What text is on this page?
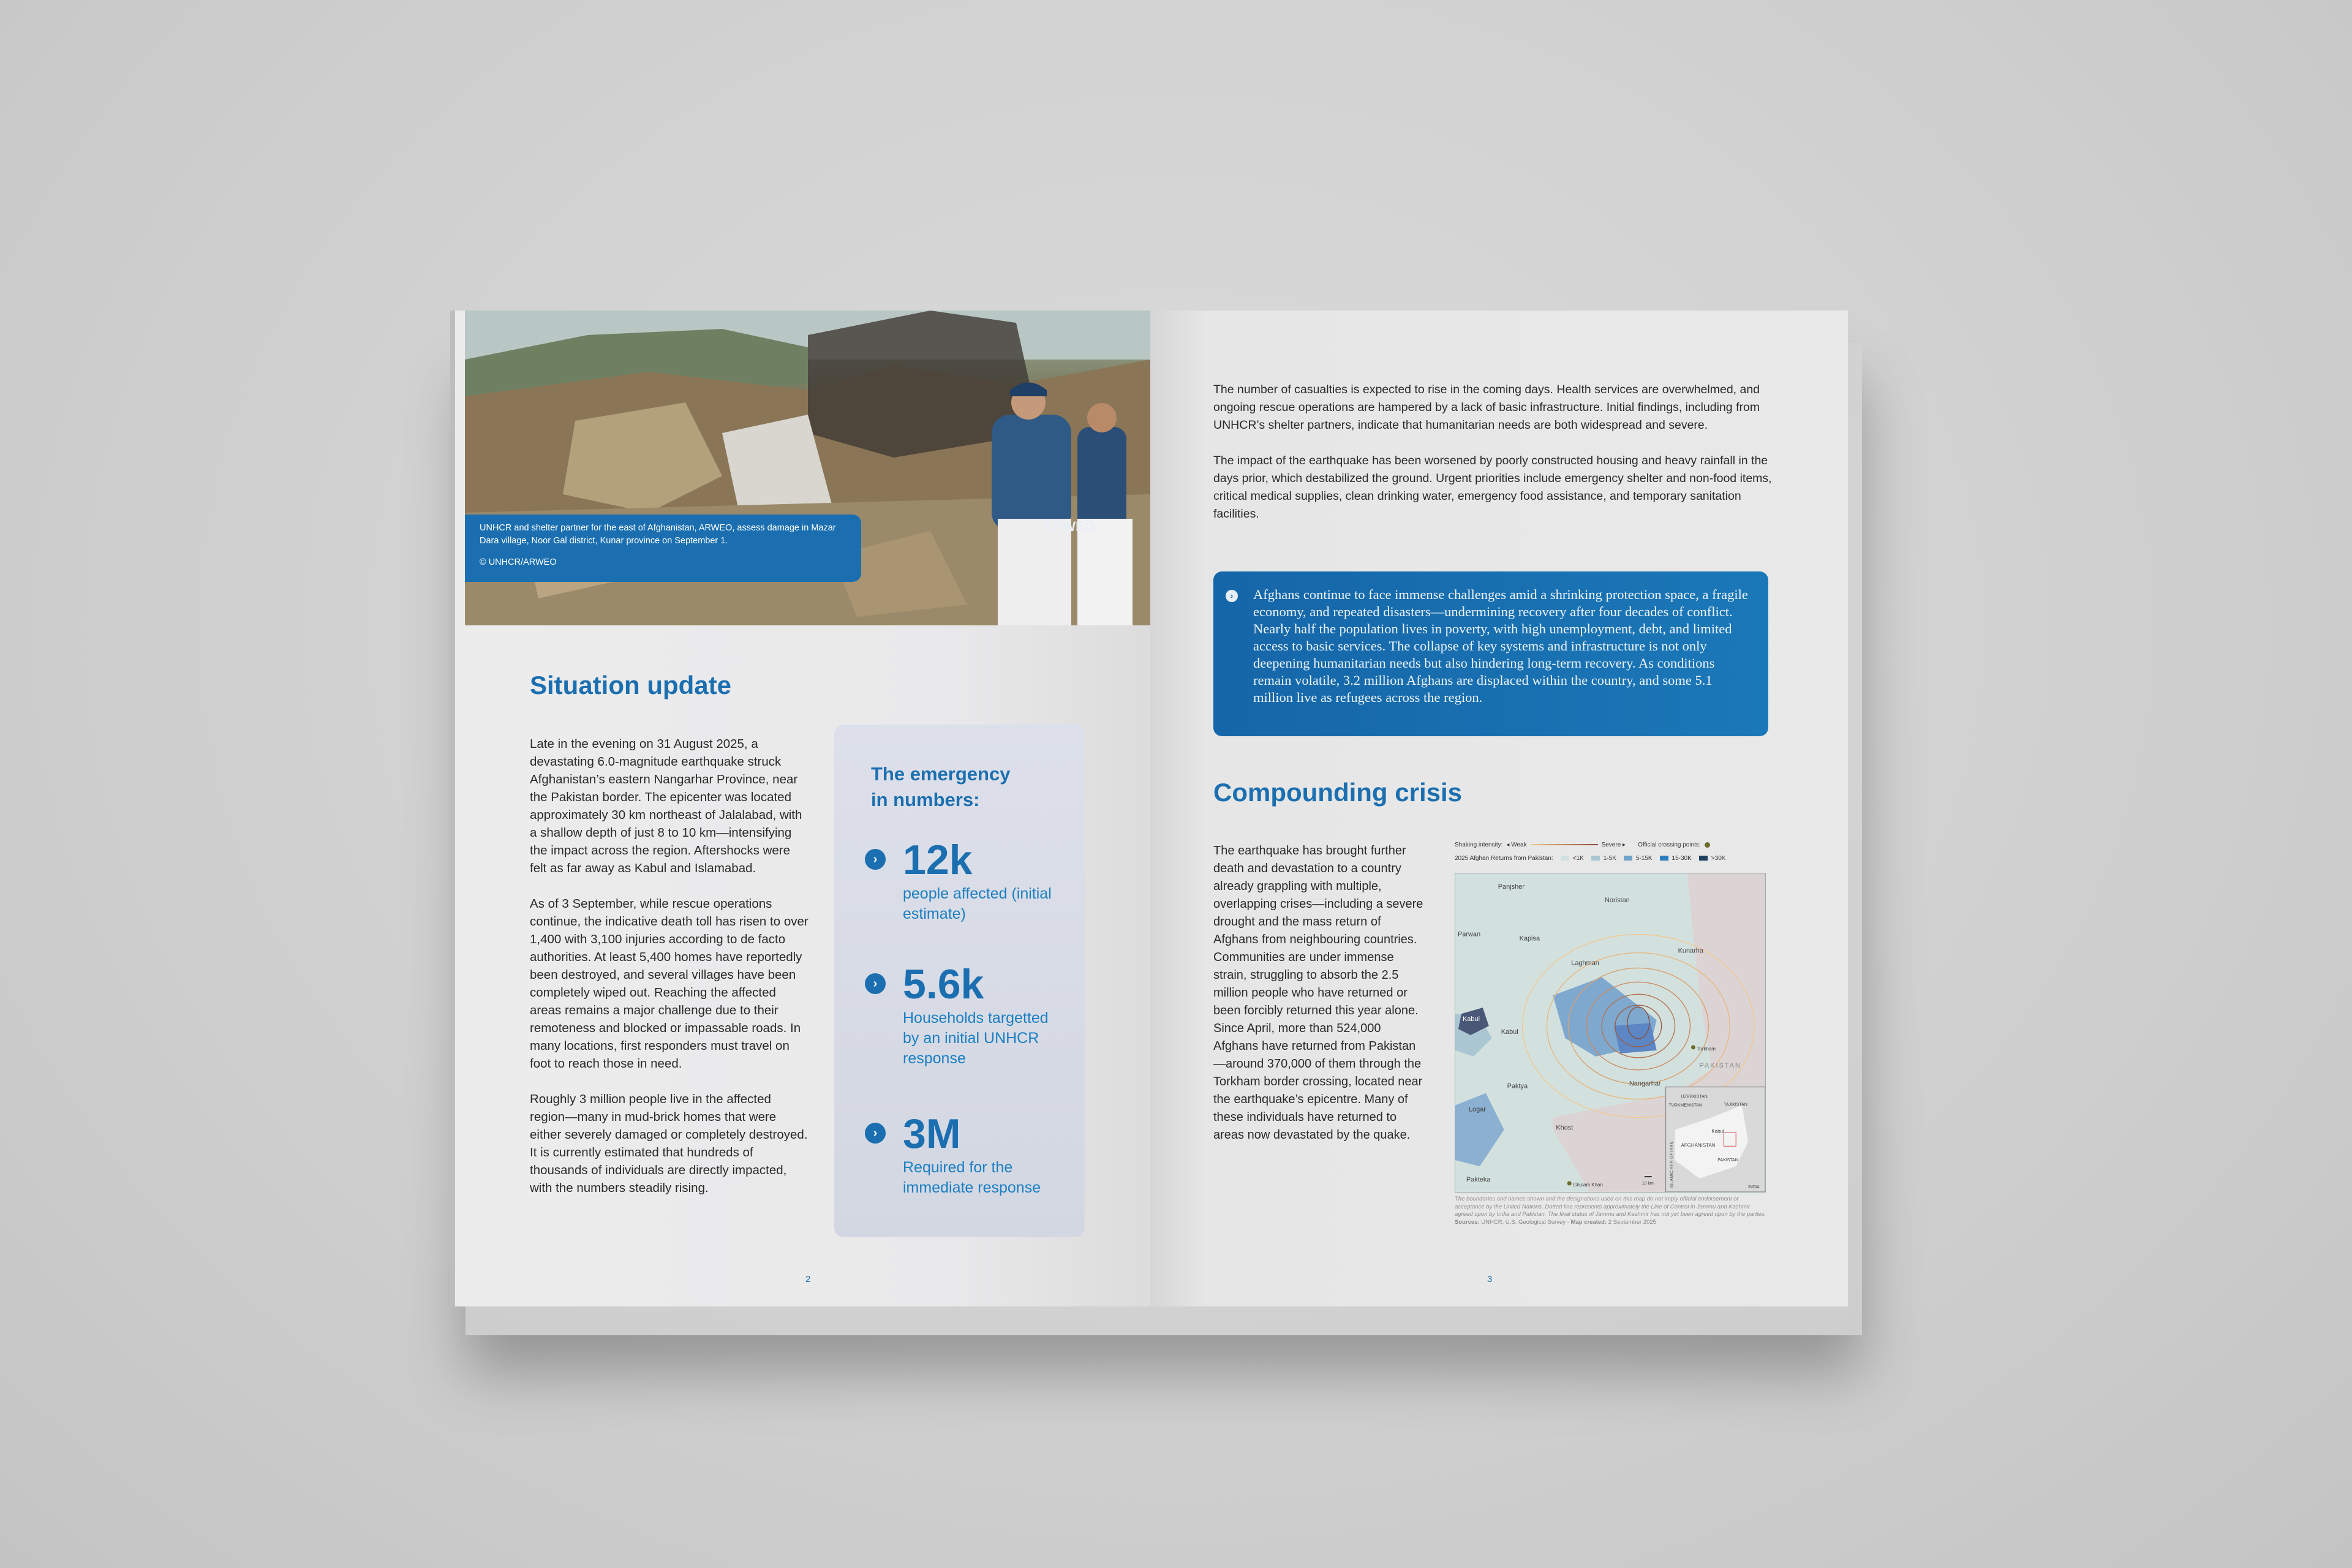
ARWEO
UNHCR and shelter partner for the east of Afghanistan, ARWEO, assess damage in Mazar Dara village, Noor Gal district, Kunar province on September 1.
© UNHCR/ARWEO
Situation update

Late in the evening on 31 August 2025, a devastating 6.0-magnitude earthquake struck Afghanistan’s eastern Nangarhar Province, near the Pakistan border. The epicenter was located approximately 30 km northeast of Jalalabad, with a shallow depth of just 8 to 10 km—intensifying the impact across the region. Aftershocks were felt as far away as Kabul and Islamabad.

As of 3 September, while rescue operations continue, the indicative death toll has risen to over 1,400 with 3,100 injuries according to de facto authorities. At least 5,400 homes have reportedly been destroyed, and several villages have been completely wiped out. Reaching the affected areas remains a major challenge due to their remoteness and blocked or impassable roads. In many locations, first responders must travel on foot to reach those in need.

Roughly 3 million people live in the affected region—many in mud-brick homes that were either severely damaged or completely destroyed. It is currently estimated that hundreds of thousands of individuals are directly impacted, with the numbers steadily rising.

The emergency
in numbers:
› 12k
people affected (initial estimate)
› 5.6k
Households targetted by an initial UNHCR response
› 3M
Required for the immediate response
2

The number of casualties is expected to rise in the coming days. Health services are overwhelmed, and ongoing rescue operations are hampered by a lack of basic infrastructure. Initial findings, including from UNHCR’s shelter partners, indicate that humanitarian needs are both widespread and severe.

The impact of the earthquake has been worsened by poorly constructed housing and heavy rainfall in the days prior, which destabilized the ground. Urgent priorities include emergency shelter and non-food items, critical medical supplies, clean drinking water, emergency food assistance, and temporary sanitation facilities.

›	Afghans continue to face immense challenges amid a shrinking protection space, a fragile economy, and repeated disasters—undermining recovery after four decades of conflict. Nearly half the population lives in poverty, with high unemployment, debt, and limited access to basic services. The collapse of key systems and infrastructure is not only deepening humanitarian needs but also hindering long-term recovery. As conditions remain volatile, 3.2 million Afghans are displaced within the country, and some 5.1 million live as refugees across the region.
Compounding crisis

The earthquake has brought further death and devastation to a country already grappling with multiple, overlapping crises—including a severe drought and the mass return of Afghans from neighbouring countries. Communities are under immense strain, struggling to absorb the 2.5 million people who have returned or been forcibly returned this year alone. Since April, more than 524,000 Afghans have returned from Pakistan—around 370,000 of them through the Torkham border crossing, located near the earthquake’s epicentre. Many of these individuals have returned to areas now devastated by the quake.

Shaking intensity: ◂ Weak	Severe ▸ Official crossing points:
2025 Afghan Returns from Pakistan:	<1K	1-5K	5-15K	15-30K	>30K
Panjsher
Noristan
Parwan
Kapisa
Laghman
Kunarha
Kabul
Kabul
Nangarhar
Torkham
PAKISTAN
Logar
Paktya
Khost
Pakteka
Ghulam Khan	10 km
UZBEKISTAN
TURKMENISTAN	TAJIKISTAN
ISLAMIC REP. OF IRAN
Kabul
AFGHANISTAN
PAKISTAN
INDIA
The boundaries and names shown and the designations used on this map do not imply official endorsement or acceptance by the United Nations. Dotted line represents approximately the Line of Control in Jammu and Kashmir agreed upon by India and Pakistan. The final status of Jammu and Kashmir has not yet been agreed upon by the parties.
Sources: UNHCR, U.S. Geological Survey - Map created: 2 September 2025
3
